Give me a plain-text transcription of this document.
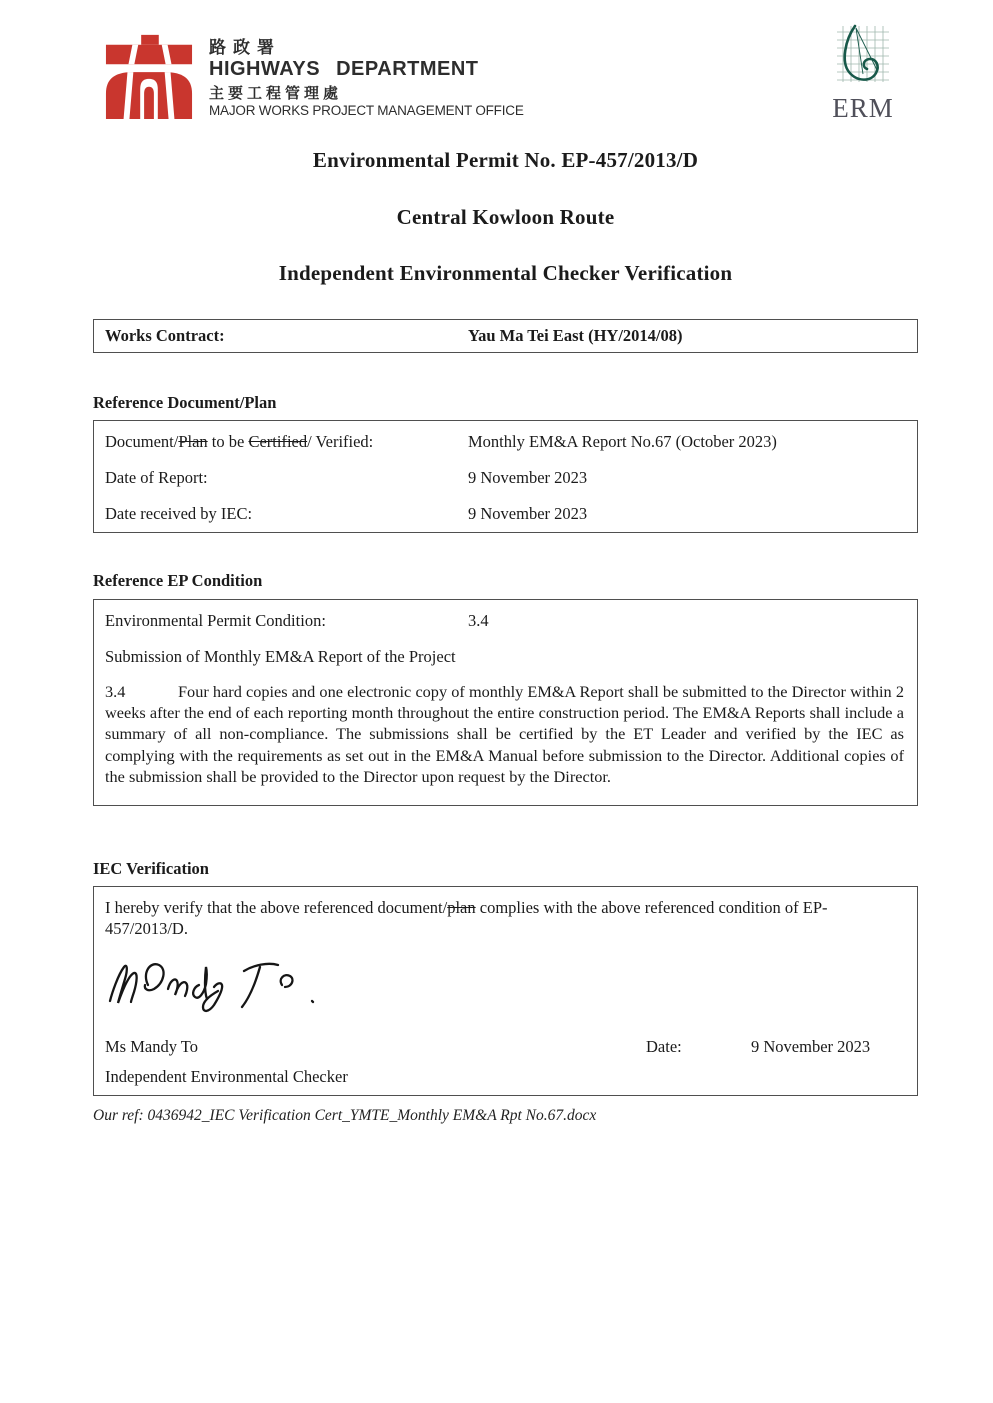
路政署
HIGHWAYS DEPARTMENT
主要工程管理處
MAJOR WORKS PROJECT MANAGEMENT OFFICE	ERM
Environmental Permit No. EP-457/2013/D
Central Kowloon Route
Independent Environmental Checker Verification
Works Contract:	Yau Ma Tei East (HY/2014/08)
Reference Document/Plan
Document/Plan to be Certified/ Verified:	Monthly EM&A Report No.67 (October 2023)
Date of Report:	9 November 2023
Date received by IEC:	9 November 2023
Reference EP Condition
Environmental Permit Condition:	3.4
Submission of Monthly EM&A Report of the Project
3.4	Four hard copies and one electronic copy of monthly EM&A Report shall be submitted to the Director within 2 weeks after the end of each reporting month throughout the entire construction period. The EM&A Reports shall include a summary of all non-compliance. The submissions shall be certified by the ET Leader and verified by the IEC as complying with the requirements as set out in the EM&A Manual before submission to the Director. Additional copies of the submission shall be provided to the Director upon request by the Director.
IEC Verification
I hereby verify that the above referenced document/plan complies with the above referenced condition of EP-457/2013/D.
Ms Mandy To	Date:	9 November 2023
Independent Environmental Checker
Our ref: 0436942_IEC Verification Cert_YMTE_Monthly EM&A Rpt No.67.docx
